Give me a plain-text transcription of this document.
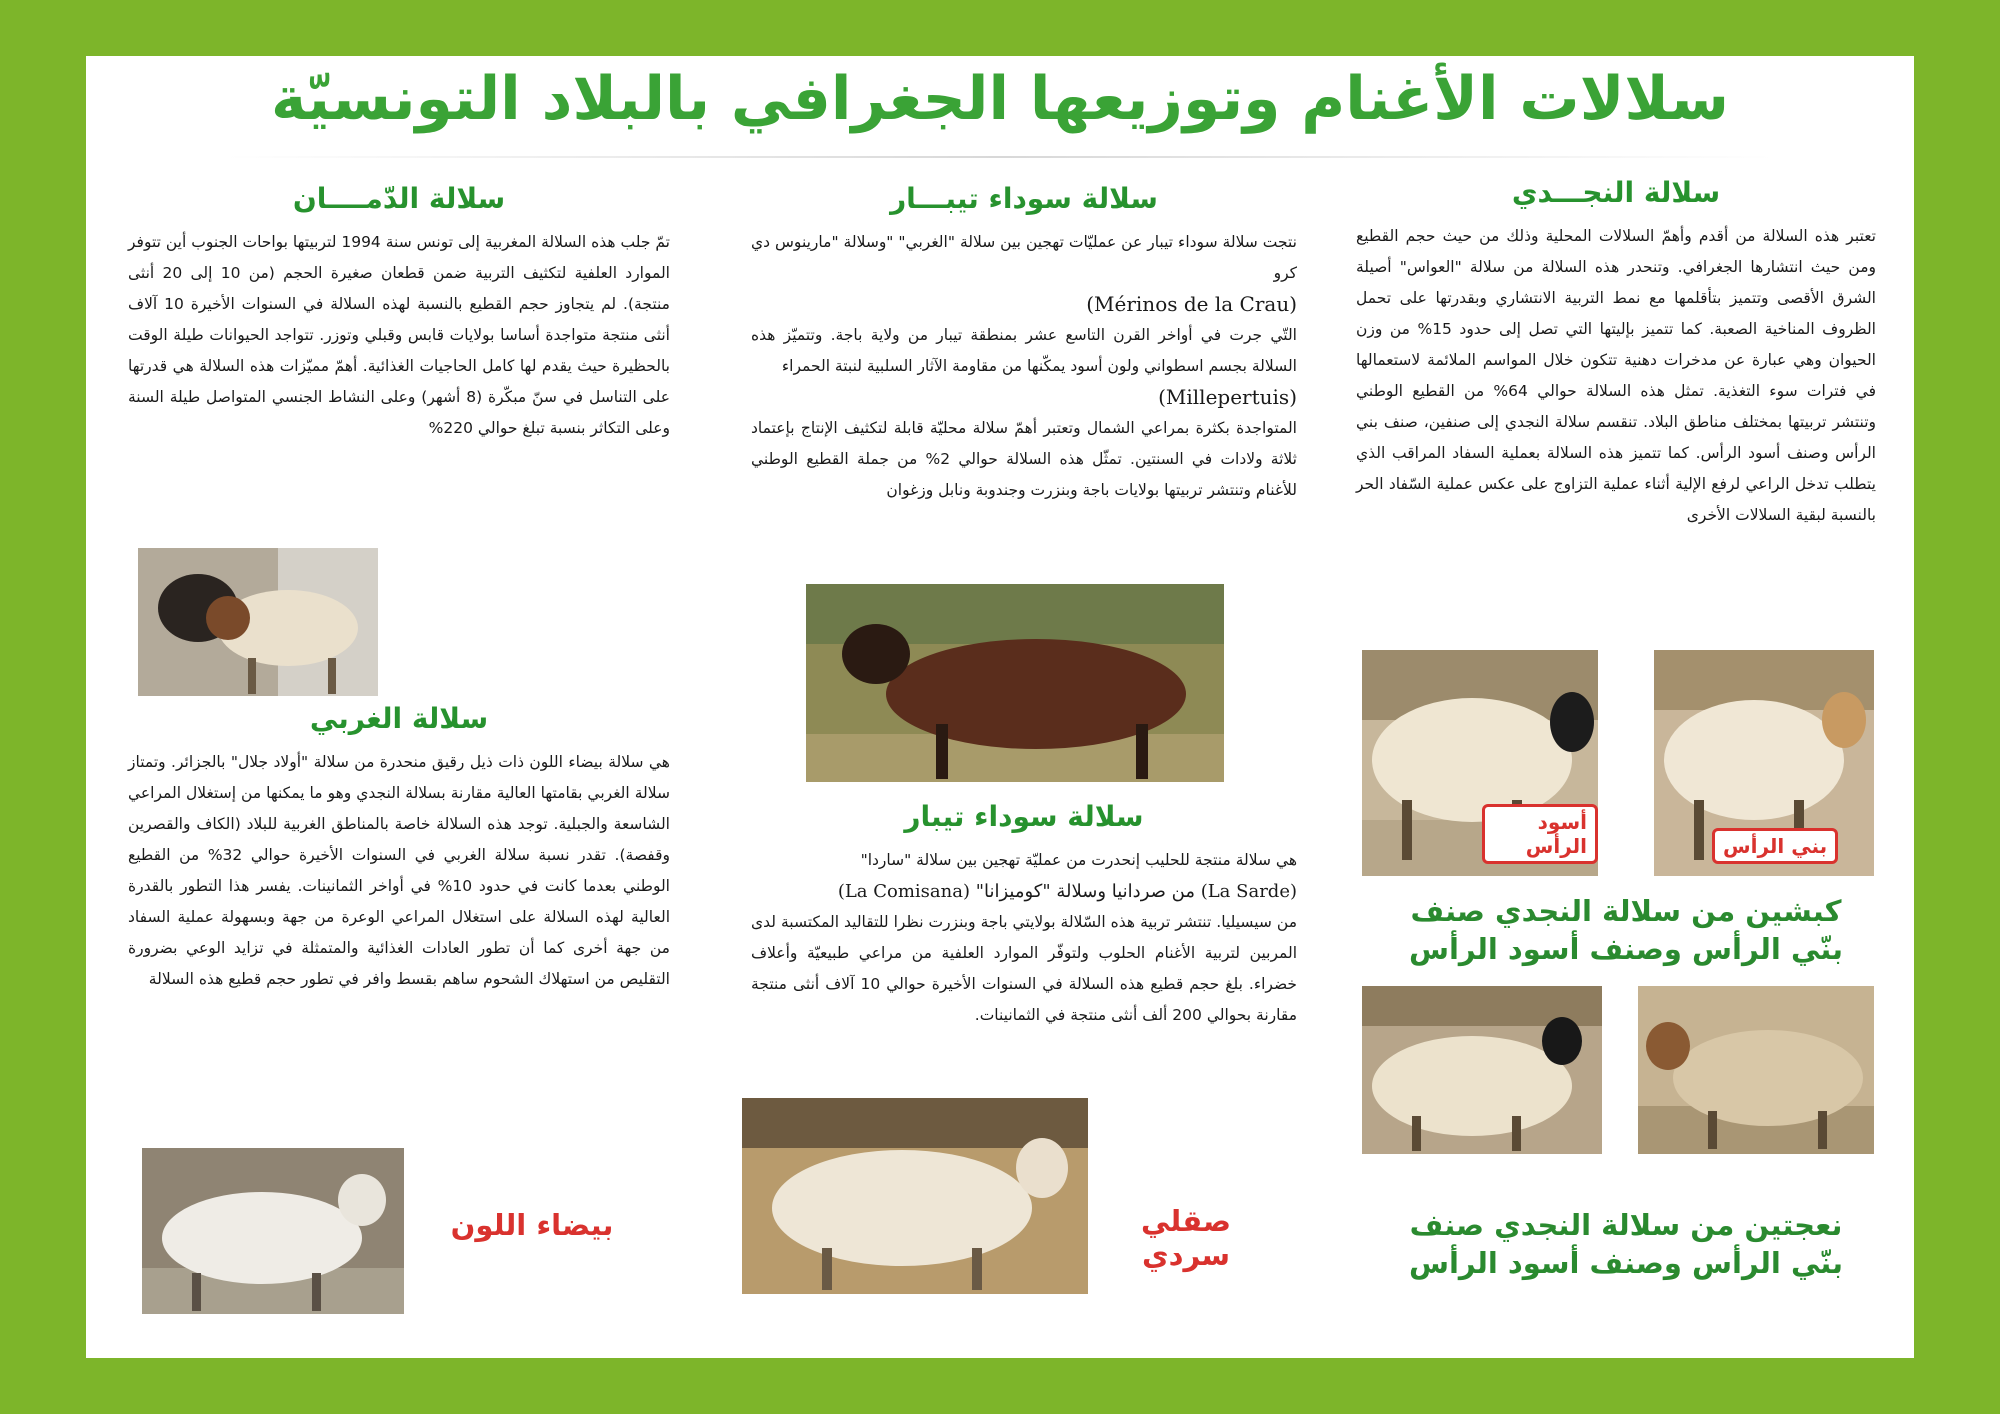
سلالات الأغنام وتوزيعها الجغرافي بالبلاد التونسيّة
سلالة النجـــدي
تعتبر هذه السلالة من أقدم وأهمّ السلالات المحلية وذلك من حيث حجم القطيع ومن حيث انتشارها الجغرافي. وتنحدر هذه السلالة من سلالة "العواس" أصيلة الشرق الأقصى وتتميز بتأقلمها مع نمط التربية الانتشاري وبقدرتها على تحمل الظروف المناخية الصعبة. كما تتميز بإليتها التي تصل إلى حدود 15% من وزن الحيوان وهي عبارة عن مدخرات دهنية تتكون خلال المواسم الملائمة لاستعمالها في فترات سوء التغذية. تمثل هذه السلالة حوالي 64% من القطيع الوطني وتنتشر تربيتها بمختلف مناطق البلاد. تنقسم سلالة النجدي إلى صنفين، صنف بني الرأس وصنف أسود الرأس. كما تتميز هذه السلالة بعملية السفاد المراقب الذي يتطلب تدخل الراعي لرفع الإلية أثناء عملية التزاوج على عكس عملية السّفاد الحر بالنسبة لبقية السلالات الأخرى
أسود الرأس	بني الرأس
كبشين من سلالة النجدي صنف بنّي الرأس وصنف أسود الرأس
نعجتين من سلالة النجدي صنف بنّي الرأس وصنف أسود الرأس
سلالة سوداء تيبـــار
نتجت سلالة سوداء تيبار عن عمليّات تهجين بين سلالة "الغربي" "وسلالة "مارينوس دي كرو
(Mérinos de la Crau)
التّي جرت في أواخر القرن التاسع عشر بمنطقة تيبار من ولاية باجة. وتتميّز هذه السلالة بجسم اسطواني ولون أسود يمكّنها من مقاومة الآثار السلبية لنبتة الحمراء
(Millepertuis)
المتواجدة بكثرة بمراعي الشمال وتعتبر أهمّ سلالة محليّة قابلة لتكثيف الإنتاج بإعتماد ثلاثة ولادات في السنتين. تمثّل هذه السلالة حوالي 2% من جملة القطيع الوطني للأغنام وتنتشر تربيتها بولايات باجة وبنزرت وجندوبة ونابل وزغوان
سلالة سوداء تيبار
هي سلالة منتجة للحليب إنحدرت من عمليّة تهجين بين سلالة "ساردا"
(La Sarde) من صردانيا وسلالة "كوميزانا" (La Comisana)
من سيسيليا. تنتشر تربية هذه السّلالة بولايتي باجة وبنزرت نظرا للتقاليد المكتسبة لدى المربين لتربية الأغنام الحلوب ولتوفّر الموارد العلفية من مراعي طبيعيّة وأعلاف خضراء. بلغ حجم قطيع هذه السلالة في السنوات الأخيرة حوالي 10 آلاف أنثى منتجة مقارنة بحوالي 200 ألف أنثى منتجة في الثمانينات.
صقلي سردي
سلالة الدّمــــان
تمّ جلب هذه السلالة المغربية إلى تونس سنة 1994 لتربيتها بواحات الجنوب أين تتوفر الموارد العلفية لتكثيف التربية ضمن قطعان صغيرة الحجم (من 10 إلى 20 أنثى منتجة). لم يتجاوز حجم القطيع بالنسبة لهذه السلالة في السنوات الأخيرة 10 آلاف أنثى منتجة متواجدة أساسا بولايات قابس وقبلي وتوزر. تتواجد الحيوانات طيلة الوقت بالحظيرة حيث يقدم لها كامل الحاجيات الغذائية. أهمّ مميّزات هذه السلالة هي قدرتها على التناسل في سنّ مبكّرة (8 أشهر) وعلى النشاط الجنسي المتواصل طيلة السنة وعلى التكاثر بنسبة تبلغ حوالي 220%
سلالة الغربي
هي سلالة بيضاء اللون ذات ذيل رقيق منحدرة من سلالة "أولاد جلال" بالجزائر. وتمتاز سلالة الغربي بقامتها العالية مقارنة بسلالة النجدي وهو ما يمكنها من إستغلال المراعي الشاسعة والجبلية. توجد هذه السلالة خاصة بالمناطق الغربية للبلاد (الكاف والقصرين وقفصة). تقدر نسبة سلالة الغربي في السنوات الأخيرة حوالي 32% من القطيع الوطني بعدما كانت في حدود 10% في أواخر الثمانينات. يفسر هذا التطور بالقدرة العالية لهذه السلالة على استغلال المراعي الوعرة من جهة وبسهولة عملية السفاد من جهة أخرى كما أن تطور العادات الغذائية والمتمثلة في تزايد الوعي بضرورة التقليص من استهلاك الشحوم ساهم بقسط وافر في تطور حجم قطيع هذه السلالة
بيضاء اللون
